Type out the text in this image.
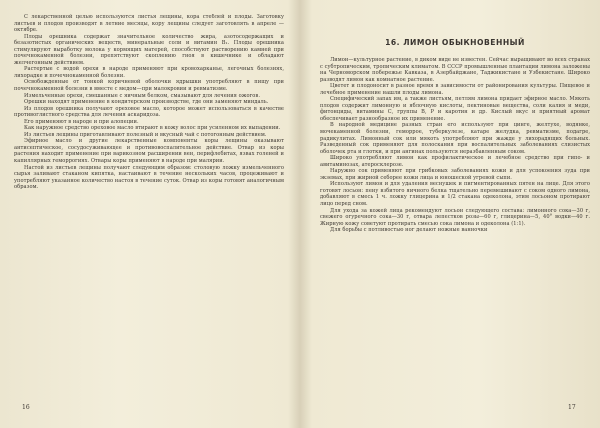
С лекарственной целью используются листья лещины, кора стеблей и плоды. Заготовку листьев и плодов производят в летние месяцы, кору лещины следует заготовлять в апреле —октябре.

Плоды орешника содержат значительное количество жира, азотосодержащих и безазотистых органических веществ, минеральные соли и витамин В₁. Плоды орешника стимулируют выработку молока у кормящих матерей, способствуют растворению камней при почечнокаменной болезни, препятствуют скоплению гноя в кишечнике и обладают желчегонным действием.

Растертые с водой орехи в народе применяют при кровохарканье, легочных болезнях, лихорадке и почечнокаменной болезни.

Освобожденные от тонкой коричневой оболочки ядрышки употребляют в пищу при почечнокаменной болезни в вместе с медом—при малокровии и ревматизме.

Измельченные орехи, смешанные с яичным белком, смазывают для лечения ожогов.

Орешки находят применение в кондитерском производстве, где они заменяют миндаль.

Из плодов орешника получают ореховое масло, которое может использоваться в качестве противоглистного средства для лечения аскаридоза.

Его применяют в народе и при алопеции.

Как наружное средство ореховое масло втирают в кожу волос при усиленном их выпадении.

Из листьев лещины приготавливают полезный и вкусный чай с потогонным действием.

Эфирное масло и другие лекарственные компоненты коры лещины оказывают антисептическое, сосудосуживающее и противовоспалительное действие. Отвар из коры растения находит применение при варикозном расширении вен, перифлебитах, язвах голеней и капиллярных геморрогиях. Отвары коры применяют в народе при малярии.

Настой из листьев лещины получают следующим образом: столовую ложку измельченного сырья заливают стаканом кипятка, настаивают в течение нескольких часов, процеживают и употребляют указанное количество настоя в течение суток. Отвар из коры готовят аналогичным образом.

16. ЛИМОН ОБЫКНОВЕННЫЙ

Лимон—культурное растение, в диком виде не известен. Сейчас выращивают во всех странах с субтропическим, тропическим климатом. В СССР промышленные плантации лимона заложены на Черноморском побережье Кавказа, в Азербайджане, Таджикистане и Узбекистане. Широко разводят лимон как комнатное растение.

Цветет и плодоносит в разное время в зависимости от районирования культуры. Пищевое и лечебное применение нашли плоды лимона.

Специфический запах им, а также листьям, петлям лимона придает эфирное масло. Мякоть плодов содержит лимонную и яблочную кислоты, пектиновые вещества, соли калия и меди, фитонциды, витамины С, группы В, Р и каротин и др. Кислый вкус и приятный аромат обеспечивает разнообразное их применение.

В народной медицине разных стран его используют при цинге, желтухе, водянке, мочекаменной болезни, геморрое, туберкулезе, катаре желудка, ревматизме, подагре, радикулитах. Лимонный сок или мякоть употребляют при жажде у лихорадящих больных. Разведенный сок применяют для полоскания при воспалительных заболеваниях слизистых оболочек рта и глотки, и при ангинах пользуются неразбавленным соком.

Широко употребляют лимон как профилактическое и лечебное средство при гипо- и авитаминозах, атеросклерозе.

Наружно сок применяют при грибковых заболеваниях кожи и для успокоения зуда при экземах, при жирной себорее кожи лица и юношеской угревой сыпи.

Используют лимон и для удаления веснушек и пигментированных пятен на лице. Для этого готовят лосьон: пену взбитого яичного белка тщательно перемешивают с соком одного лимона, добавляют в смесь 1 ч. ложку глицерина и 1/2 стакана одеколона, этим лосьоном протирают лицо перед сном.

Для ухода за кожей лица рекомендуют лосьон следующего состава: лимонного сока—30 г, свежего огуречного сока—30 г, отвара лепестков розы—60 г, глицерина—5, 40° водки—40 г. Жирную кожу советуют протирать смесью сока лимона и одеколона (1:1).

Для борьбы с потливостью ног делают ножные ванночки

16	17
